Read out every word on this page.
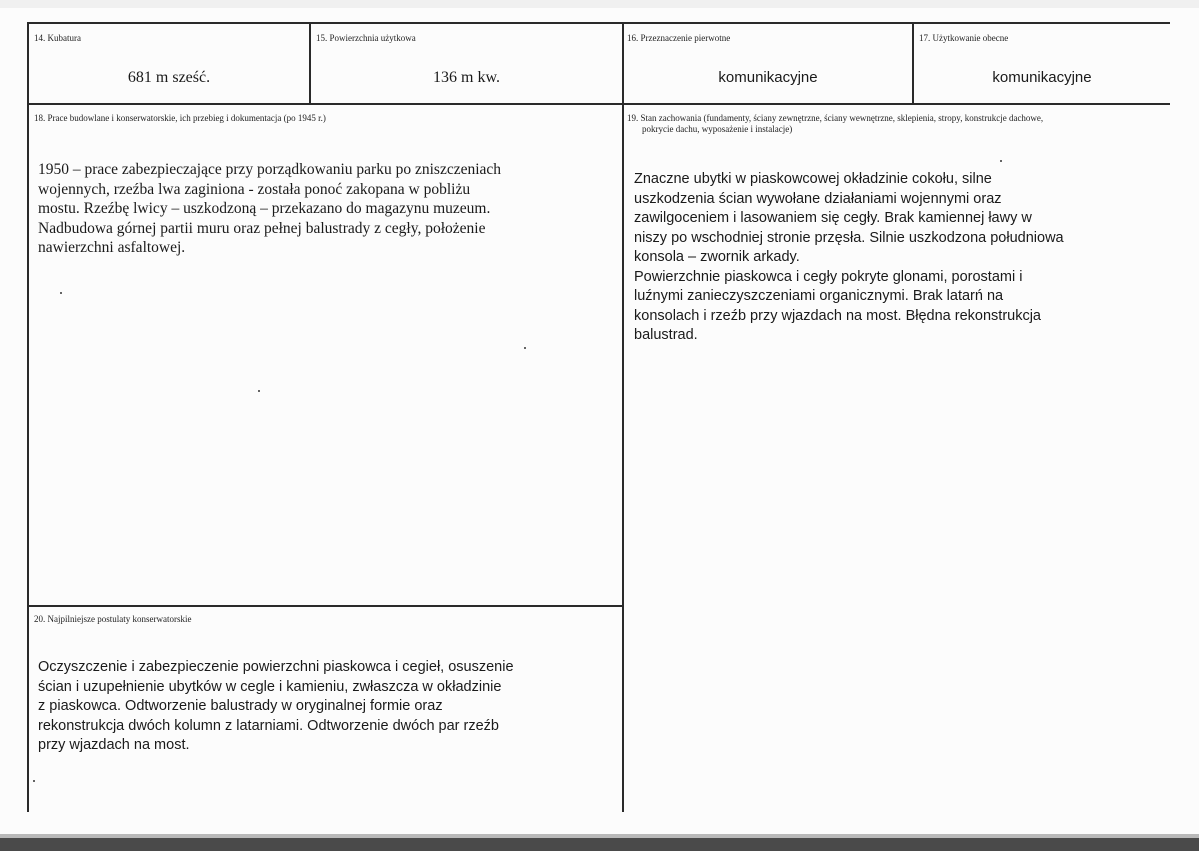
14. Kubatura
681 m sześć.
15. Powierzchnia użytkowa
136 m kw.
16. Przeznaczenie pierwotne
komunikacyjne
17. Użytkowanie obecne
komunikacyjne
18. Prace budowlane i konserwatorskie, ich przebieg i dokumentacja (po 1945 r.)
1950 – prace zabezpieczające przy porządkowaniu parku po zniszczeniach
wojennych, rzeźba lwa zaginiona - została ponoć zakopana w pobliżu
mostu. Rzeźbę lwicy – uszkodzoną – przekazano do magazynu muzeum.
Nadbudowa górnej partii muru oraz pełnej balustrady z cegły, położenie
nawierzchni asfaltowej.
19. Stan zachowania (fundamenty, ściany zewnętrzne, ściany wewnętrzne, sklepienia, stropy, konstrukcje dachowe,
pokrycie dachu, wyposażenie i instalacje)
Znaczne ubytki w piaskowcowej okładzinie cokołu, silne
uszkodzenia ścian wywołane działaniami wojennymi oraz
zawilgoceniem i lasowaniem się cegły. Brak kamiennej ławy w
niszy po wschodniej stronie przęsła. Silnie uszkodzona południowa
konsola – zwornik arkady.
Powierzchnie piaskowca i cegły pokryte glonami, porostami i
luźnymi zanieczyszczeniami organicznymi. Brak latarń na
konsolach i rzeźb przy wjazdach na most. Błędna rekonstrukcja
balustrad.
20. Najpilniejsze postulaty konserwatorskie
Oczyszczenie i zabezpieczenie powierzchni piaskowca i cegieł, osuszenie
ścian i uzupełnienie ubytków w cegle i kamieniu, zwłaszcza w okładzinie
z piaskowca. Odtworzenie balustrady w oryginalnej formie oraz
rekonstrukcja dwóch kolumn z latarniami. Odtworzenie dwóch par rzeźb
przy wjazdach na most.
